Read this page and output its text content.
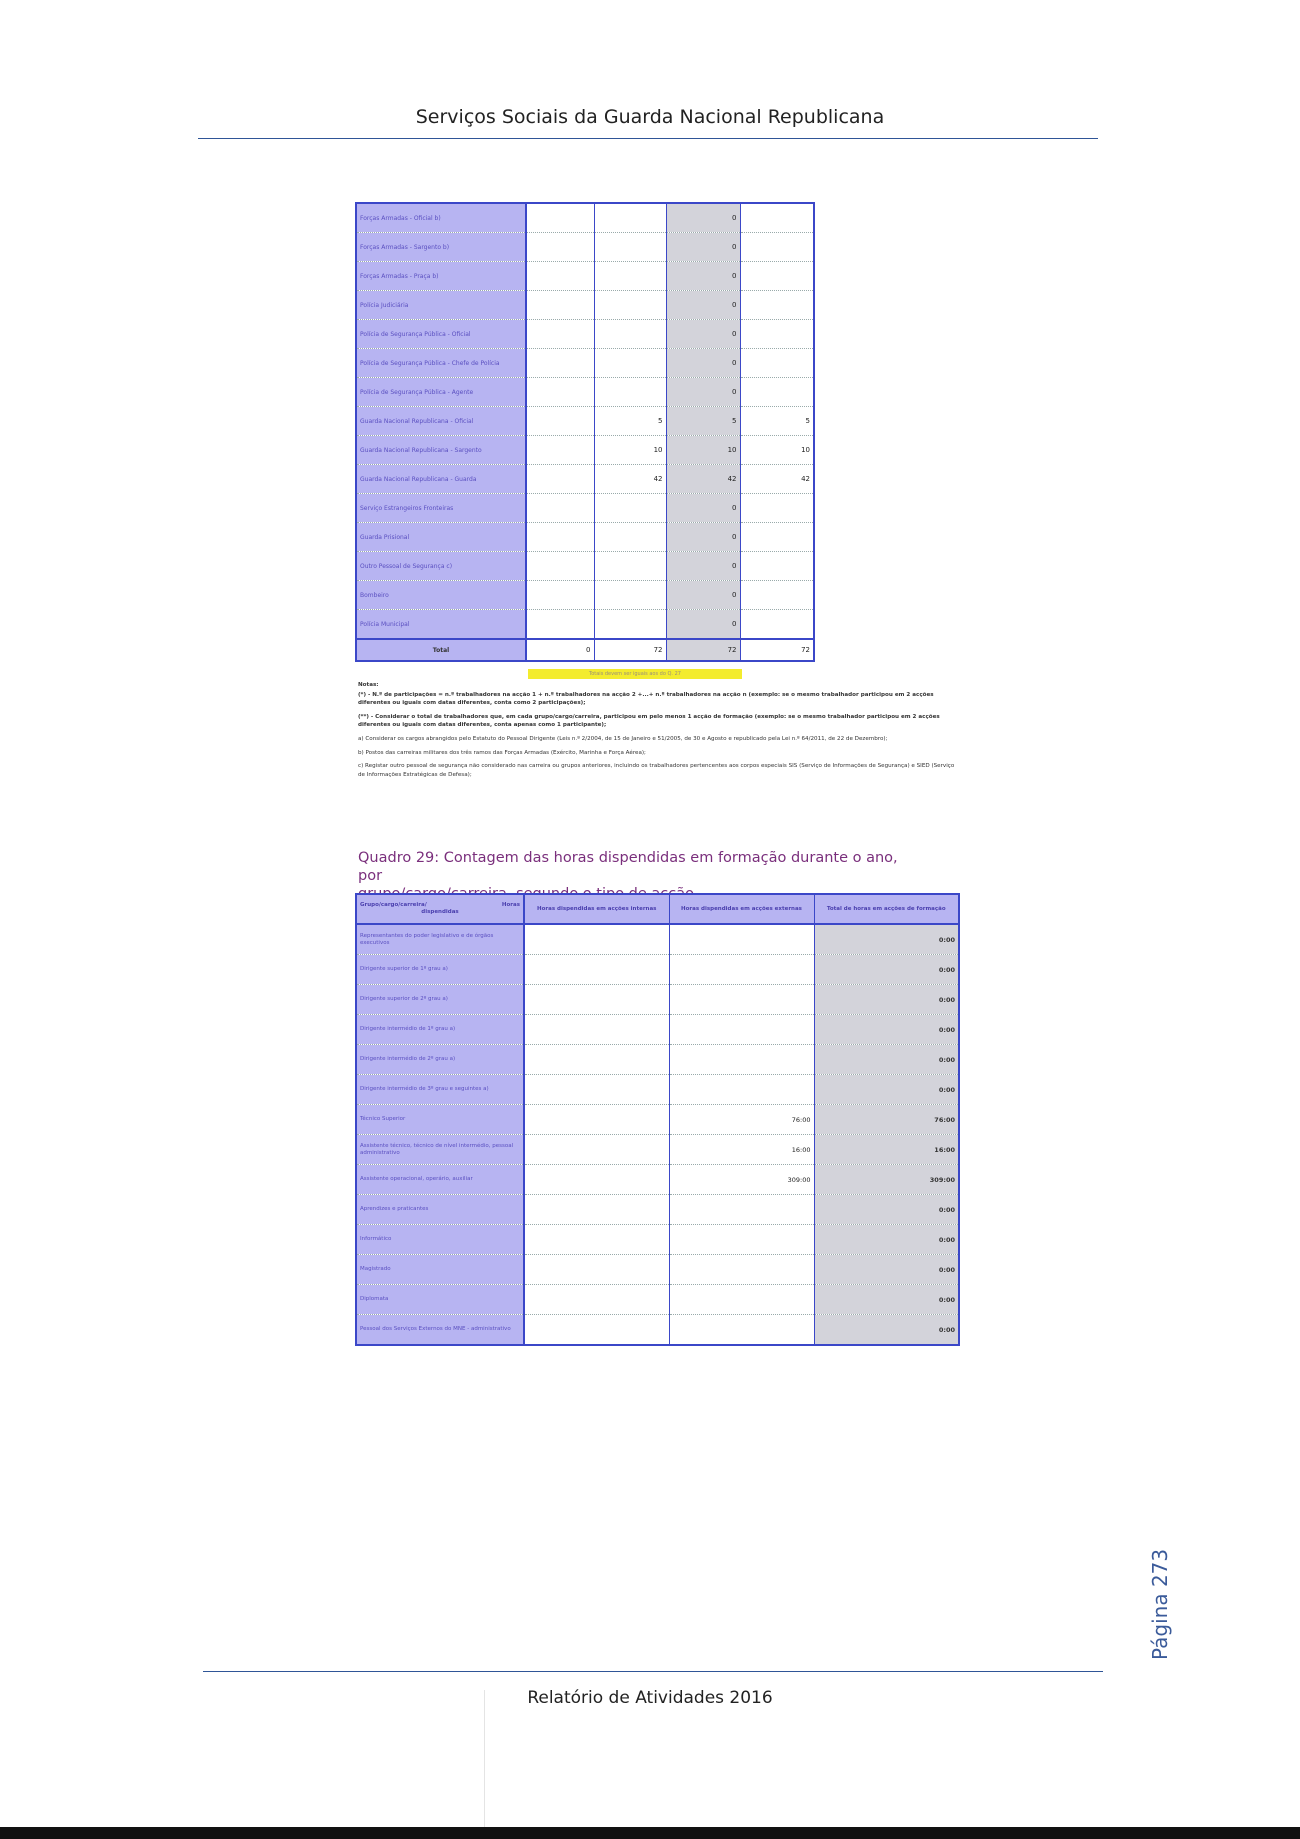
Serviços Sociais da Guarda Nacional Republicana
Forças Armadas - Oficial b)			0	
Forças Armadas - Sargento b)			0	
Forças Armadas - Praça b)			0	
Polícia Judiciária			0	
Polícia de Segurança Pública - Oficial			0	
Polícia de Segurança Pública - Chefe de Polícia			0	
Polícia de Segurança Pública - Agente			0	
Guarda Nacional Republicana - Oficial		5	5	5
Guarda Nacional Republicana - Sargento		10	10	10
Guarda Nacional Republicana - Guarda		42	42	42
Serviço Estrangeiros Fronteiras			0	
Guarda Prisional			0	
Outro Pessoal de Segurança c)			0	
Bombeiro			0	
Polícia Municipal			0	
Total	0	72	72	72
Totais devem ser iguais aos do Q. 27

Notas:

(*) - N.º de participações = n.º trabalhadores na acção 1 + n.º trabalhadores na acção 2 +...+ n.º trabalhadores na acção n (exemplo: se o mesmo trabalhador participou em 2 acções diferentes ou iguais com datas diferentes, conta como 2 participações);

(**) - Considerar o total de trabalhadores que, em cada grupo/cargo/carreira, participou em pelo menos 1 acção de formação (exemplo: se o mesmo trabalhador participou em 2 acções diferentes ou iguais com datas diferentes, conta apenas como 1 participante);

a) Considerar os cargos abrangidos pelo Estatuto do Pessoal Dirigente (Leis n.º 2/2004, de 15 de Janeiro e 51/2005, de 30 e Agosto e republicado pela Lei n.º 64/2011, de 22 de Dezembro);

b) Postos das carreiras militares dos três ramos das Forças Armadas (Exército, Marinha e Força Aérea);

c) Registar outro pessoal de segurança não considerado nas carreira ou grupos anteriores, incluindo os trabalhadores pertencentes aos corpos especiais SIS (Serviço de Informações de Segurança) e SIED (Serviço de Informações Estratégicas de Defesa);

Quadro 29: Contagem das horas dispendidas em formação durante o ano, por
Grupo/cargo/carreira/ Horas
dispendidas	Horas dispendidas em acções internas	Horas dispendidas em acções externas	Total de horas em acções de formação
Representantes do poder legislativo e de órgãos executivos			0:00
Dirigente superior de 1º grau a)			0:00
Dirigente superior de 2º grau a)			0:00
Dirigente intermédio de 1º grau a)			0:00
Dirigente intermédio de 2º grau a)			0:00
Dirigente intermédio de 3º grau e seguintes a)			0:00
Técnico Superior		76:00	76:00
Assistente técnico, técnico de nível intermédio, pessoal administrativo		16:00	16:00
Assistente operacional, operário, auxiliar		309:00	309:00
Aprendizes e praticantes			0:00
Informático			0:00
Magistrado			0:00
Diplomata			0:00
Pessoal dos Serviços Externos do MNE - administrativo			0:00
Página 273
Relatório de Atividades 2016
